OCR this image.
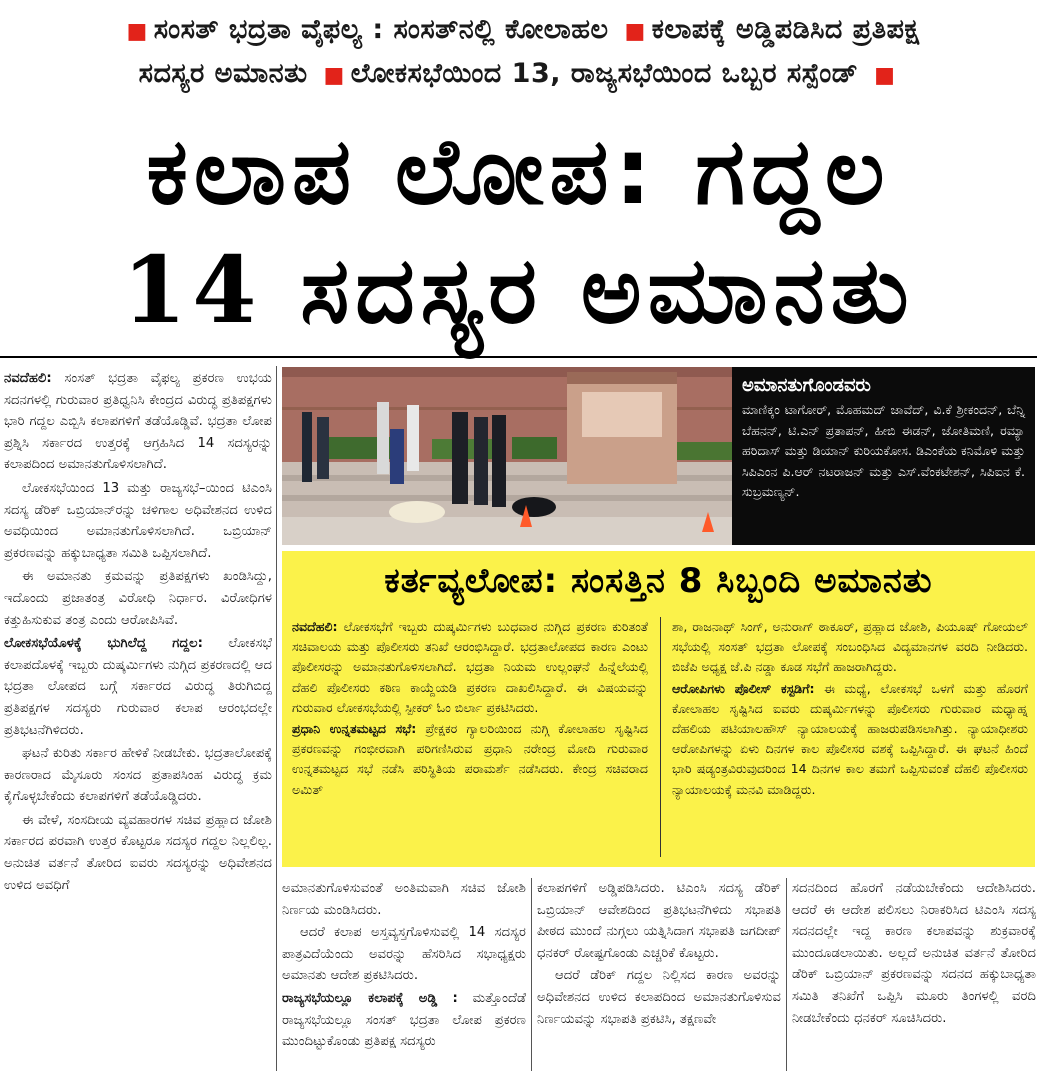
■ ಸಂಸತ್ ಭದ್ರತಾ ವೈಫಲ್ಯ : ಸಂಸತ್‌ನಲ್ಲಿ ಕೋಲಾಹಲ ■ ಕಲಾಪಕ್ಕೆ ಅಡ್ಡಿಪಡಿಸಿದ ಪ್ರತಿಪಕ್ಷ
ಸದಸ್ಯರ ಅಮಾನತು ■ ಲೋಕಸಭೆಯಿಂದ 13, ರಾಜ್ಯಸಭೆಯಿಂದ ಒಬ್ಬರ ಸಸ್ಪೆಂಡ್ ■
ಕಲಾಪ ಲೋಪ: ಗದ್ದಲ
14 ಸದಸ್ಯರ ಅಮಾನತು

ನವದೆಹಲಿ: ಸಂಸತ್ ಭದ್ರತಾ ವೈಫಲ್ಯ ಪ್ರಕರಣ ಉಭಯ ಸದನಗಳಲ್ಲಿ ಗುರುವಾರ ಪ್ರತಿಧ್ವನಿಸಿ ಕೇಂದ್ರದ ವಿರುದ್ಧ ಪ್ರತಿಪಕ್ಷಗಳು ಭಾರಿ ಗದ್ದಲ ಎಬ್ಬಿಸಿ ಕಲಾಪಗಳಿಗೆ ತಡೆಯೊಡ್ಡಿವೆ. ಭದ್ರತಾ ಲೋಪ ಪ್ರಶ್ನಿಸಿ ಸರ್ಕಾರದ ಉತ್ತರಕ್ಕೆ ಆಗ್ರಹಿಸಿದ 14 ಸದಸ್ಯರನ್ನು ಕಲಾಪದಿಂದ ಅಮಾನತುಗೊಳಿಸಲಾಗಿದೆ.

ಲೋಕಸಭೆಯಿಂದ 13 ಮತ್ತು ರಾಜ್ಯಸಭೆ–ಯಿಂದ ಟಿಎಂಸಿ ಸದಸ್ಯ ಡೆರಿಕ್ ಒಬ್ರಿಯಾನ್‌ರನ್ನು ಚಳಿಗಾಲ ಅಧಿವೇಶನದ ಉಳಿದ ಅವಧಿಯಿಂದ ಅಮಾನತುಗೊಳಿಸಲಾಗಿದೆ. ಒಬ್ರಿಯಾನ್ ಪ್ರಕರಣವನ್ನು ಹಕ್ಕುಬಾಧ್ಯತಾ ಸಮಿತಿ ಒಪ್ಪಿಸಲಾಗಿದೆ.

ಈ ಅಮಾನತು ಕ್ರಮವನ್ನು ಪ್ರತಿಪಕ್ಷಗಳು ಖಂಡಿಸಿದ್ದು, ಇದೊಂದು ಪ್ರಜಾತಂತ್ರ ವಿರೋಧಿ ನಿರ್ಧಾರ. ವಿರೋಧಿಗಳ ಕತ್ತುಹಿಸುಕುವ ತಂತ್ರ ಎಂದು ಆರೋಪಿಸಿವೆ.

ಲೋಕಸಭೆಯೊಳಕ್ಕೆ ಭುಗಿಲೆದ್ದ ಗದ್ದಲ: ಲೋಕಸಭೆ ಕಲಾಪದೊಳಕ್ಕೆ ಇಬ್ಬರು ದುಷ್ಕರ್ಮಿಗಳು ನುಗ್ಗಿದ ಪ್ರಕರಣದಲ್ಲಿ ಆದ ಭದ್ರತಾ ಲೋಪದ ಬಗ್ಗೆ ಸರ್ಕಾರದ ವಿರುದ್ಧ ತಿರುಗಿಬಿದ್ದ ಪ್ರತಿಪಕ್ಷಗಳ ಸದಸ್ಯರು ಗುರುವಾರ ಕಲಾಪ ಆರಂಭದಲ್ಲೇ ಪ್ರತಿಭಟನೆಗಿಳಿದರು.

ಘಟನೆ ಕುರಿತು ಸರ್ಕಾರ ಹೇಳಿಕೆ ನೀಡಬೇಕು. ಭದ್ರತಾಲೋಪಕ್ಕೆ ಕಾರಣರಾದ ಮೈಸೂರು ಸಂಸದ ಪ್ರತಾಪಸಿಂಹ ವಿರುದ್ಧ ಕ್ರಮ ಕೈಗೊಳ್ಳಬೇಕೆಂದು ಕಲಾಪಗಳಿಗೆ ತಡೆಯೊಡ್ಡಿದರು.

ಈ ವೇಳೆ, ಸಂಸದೀಯ ವ್ಯವಹಾರಗಳ ಸಚಿವ ಪ್ರಹ್ಲಾದ ಜೋಶಿ ಸರ್ಕಾರದ ಪರವಾಗಿ ಉತ್ತರ ಕೊಟ್ಟರೂ ಸದಸ್ಯರ ಗದ್ದಲ ನಿಲ್ಲಲಿಲ್ಲ. ಅನುಚಿತ ವರ್ತನೆ ತೋರಿದ ಐವರು ಸದಸ್ಯರನ್ನು ಅಧಿವೇಶನದ ಉಳಿದ ಅವಧಿಗೆ

ಅಮಾನತುಗೊಂಡವರು
ಮಾಣಿಕ್ಕಂ ಟಾಗೋರ್, ಮೊಹಮದ್ ಜಾವೆದ್, ವಿ.ಕೆ ಶ್ರೀಕಂದನ್, ಬೆನ್ನಿ ಬೆಹನನ್, ಟಿ.ಎನ್ ಪ್ರತಾಪನ್, ಹೀಬಿ ಈಡನ್, ಜೋತಿಮಣಿ, ರಮ್ಯಾ ಹರಿದಾಸ್ ಮತ್ತು ಡಿಯಾನ್ ಕುರಿಯಕೋಸ. ಡಿಎಂಕೆಯ ಕನಿಮೊಳಿ ಮತ್ತು ಸಿಪಿಎಂನ ಪಿ.ಆರ್ ನಟರಾಜನ್ ಮತ್ತು ಎಸ್.ವೆಂಕಟೇಶನ್, ಸಿಪಿಐನ ಕೆ. ಸುಬ್ರಮಣ್ಯನ್.
ಕರ್ತವ್ಯಲೋಪ: ಸಂಸತ್ತಿನ 8 ಸಿಬ್ಬಂದಿ ಅಮಾನತು

ನವದೆಹಲಿ: ಲೋಕಸಭೆಗೆ ಇಬ್ಬರು ದುಷ್ಕರ್ಮಿಗಳು ಬುಧವಾರ ನುಗ್ಗಿದ ಪ್ರಕರಣ ಕುರಿತಂತೆ ಸಚಿವಾಲಯ ಮತ್ತು ಪೊಲೀಸರು ತನಿಖೆ ಆರಂಭಿಸಿದ್ದಾರೆ. ಭದ್ರತಾಲೋಪದ ಕಾರಣ ಎಂಟು ಪೊಲೀಸರನ್ನು ಅಮಾನತುಗೊಳಿಸಲಾಗಿದೆ. ಭದ್ರತಾ ನಿಯಮ ಉಲ್ಲಂಘನೆ ಹಿನ್ನೆಲೆಯಲ್ಲಿ ದೆಹಲಿ ಪೊಲೀಸರು ಕಠಿಣ ಕಾಯ್ದೆಯಡಿ ಪ್ರಕರಣ ದಾಖಲಿಸಿದ್ದಾರೆ. ಈ ವಿಷಯವನ್ನು ಗುರುವಾರ ಲೋಕಸಭೆಯಲ್ಲಿ ಸ್ಪೀಕರ್ ಓಂ ಬಿರ್ಲಾ ಪ್ರಕಟಿಸಿದರು.

ಪ್ರಧಾನಿ ಉನ್ನತಮಟ್ಟದ ಸಭೆ: ಪ್ರೇಕ್ಷಕರ ಗ್ಯಾಲರಿಯಿಂದ ನುಗ್ಗಿ ಕೋಲಾಹಲ ಸೃಷ್ಟಿಸಿದ ಪ್ರಕರಣವನ್ನು ಗಂಭೀರವಾಗಿ ಪರಿಗಣಿಸಿರುವ ಪ್ರಧಾನಿ ನರೇಂದ್ರ ಮೋದಿ ಗುರುವಾರ ಉನ್ನತಮಟ್ಟದ ಸಭೆ ನಡೆಸಿ ಪರಿಸ್ಥಿತಿಯ ಪರಾಮರ್ಶೆ ನಡೆಸಿದರು. ಕೇಂದ್ರ ಸಚಿವರಾದ ಅಮಿತ್

ಶಾ, ರಾಜನಾಥ್ ಸಿಂಗ್, ಅನುರಾಗ್ ಠಾಕೂರ್, ಪ್ರಹ್ಲಾದ ಜೋಶಿ, ಪಿಯೂಷ್ ಗೋಯಲ್ ಸಭೆಯಲ್ಲಿ ಸಂಸತ್ ಭದ್ರತಾ ಲೋಪಕ್ಕೆ ಸಂಬಂಧಿಸಿದ ವಿದ್ಯಮಾನಗಳ ವರದಿ ನೀಡಿದರು. ಬಿಜೆಪಿ ಅಧ್ಯಕ್ಷ ಜೆ.ಪಿ ನಡ್ಡಾ ಕೂಡ ಸಭೆಗೆ ಹಾಜರಾಗಿದ್ದರು.

ಆರೋಪಿಗಳು ಪೊಲೀಸ್ ಕಸ್ಟಡಿಗೆ: ಈ ಮಧ್ಯೆ, ಲೋಕಸಭೆ ಒಳಗೆ ಮತ್ತು ಹೊರಗೆ ಕೋಲಾಹಲ ಸೃಷ್ಟಿಸಿದ ಐವರು ದುಷ್ಕರ್ಮಿಗಳನ್ನು ಪೊಲೀಸರು ಗುರುವಾರ ಮಧ್ಯಾಹ್ನ ದೆಹಲಿಯ ಪಟಿಯಾಲಹೌಸ್ ನ್ಯಾಯಾಲಯಕ್ಕೆ ಹಾಜರುಪಡಿಸಲಾಗಿತ್ತು. ನ್ಯಾಯಾಧೀಶರು ಆರೋಪಿಗಳನ್ನು ಏಳು ದಿನಗಳ ಕಾಲ ಪೊಲೀಸರ ವಶಕ್ಕೆ ಒಪ್ಪಿಸಿದ್ದಾರೆ. ಈ ಘಟನೆ ಹಿಂದೆ ಭಾರಿ ಷಡ್ಯಂತ್ರವಿರುವುದರಿಂದ 14 ದಿನಗಳ ಕಾಲ ತಮಗೆ ಒಪ್ಪಿಸುವಂತೆ ದೆಹಲಿ ಪೊಲೀಸರು ನ್ಯಾಯಾಲಯಕ್ಕೆ ಮನವಿ ಮಾಡಿದ್ದರು.

ಅಮಾನತುಗೊಳಿಸುವಂತೆ ಅಂತಿಮವಾಗಿ ಸಚಿವ ಜೋಶಿ ನಿರ್ಣಯ ಮಂಡಿಸಿದರು.

ಆದರೆ ಕಲಾಪ ಅಸ್ತವ್ಯಸ್ತಗೊಳಿಸುವಲ್ಲಿ 14 ಸದಸ್ಯರ ಪಾತ್ರವಿದೆಯೆಂದು ಅವರನ್ನು ಹೆಸರಿಸಿದ ಸಭಾಧ್ಯಕ್ಷರು ಅಮಾನತು ಆದೇಶ ಪ್ರಕಟಿಸಿದರು.

ರಾಜ್ಯಸಭೆಯಲ್ಲೂ ಕಲಾಪಕ್ಕೆ ಅಡ್ಡಿ : ಮತ್ತೊಂದೆಡೆ ರಾಜ್ಯಸಭೆಯಲ್ಲೂ ಸಂಸತ್ ಭದ್ರತಾ ಲೋಪ ಪ್ರಕರಣ ಮುಂದಿಟ್ಟುಕೊಂಡು ಪ್ರತಿಪಕ್ಷ ಸದಸ್ಯರು

ಕಲಾಪಗಳಿಗೆ ಅಡ್ಡಿಪಡಿಸಿದರು. ಟಿಎಂಸಿ ಸದಸ್ಯ ಡೆರಿಕ್ ಒಬ್ರಿಯಾನ್ ಆವೇಶದಿಂದ ಪ್ರತಿಭಟನೆಗಿಳಿದು ಸಭಾಪತಿ ಪೀಠದ ಮುಂದೆ ನುಗ್ಗಲು ಯತ್ನಿಸಿದಾಗ ಸಭಾಪತಿ ಜಗದೀಪ್ ಧನಕರ್ ರೋಷ್ಟಗೊಂಡು ಎಚ್ಚರಿಕೆ ಕೊಟ್ಟರು.

ಆದರೆ ಡೆರಿಕ್ ಗದ್ದಲ ನಿಲ್ಲಿಸದ ಕಾರಣ ಅವರನ್ನು ಅಧಿವೇಶನದ ಉಳಿದ ಕಲಾಪದಿಂದ ಅಮಾನತುಗೊಳಿಸುವ ನಿರ್ಣಯವನ್ನು ಸಭಾಪತಿ ಪ್ರಕಟಿಸಿ, ತಕ್ಷಣವೇ

ಸದನದಿಂದ ಹೊರಗೆ ನಡೆಯಬೇಕೆಂದು ಆದೇಶಿಸಿದರು. ಆದರೆ ಈ ಆದೇಶ ಪಲಿಸಲು ನಿರಾಕರಿಸಿದ ಟಿಎಂಸಿ ಸದಸ್ಯ ಸದನದಲ್ಲೇ ಇದ್ದ ಕಾರಣ ಕಲಾಪವನ್ನು ಶುಕ್ರವಾರಕ್ಕೆ ಮುಂದೂಡಲಾಯಿತು. ಅಲ್ಲದೆ ಅನುಚಿತ ವರ್ತನೆ ತೋರಿದ ಡೆರಿಕ್ ಒಬ್ರಿಯಾನ್ ಪ್ರಕರಣವನ್ನು ಸದನದ ಹಕ್ಕುಬಾಧ್ಯತಾ ಸಮಿತಿ ತನಿಖೆಗೆ ಒಪ್ಪಿಸಿ ಮೂರು ತಿಂಗಳಲ್ಲಿ ವರದಿ ನೀಡಬೇಕೆಂದು ಧನಕರ್ ಸೂಚಿಸಿದರು.
